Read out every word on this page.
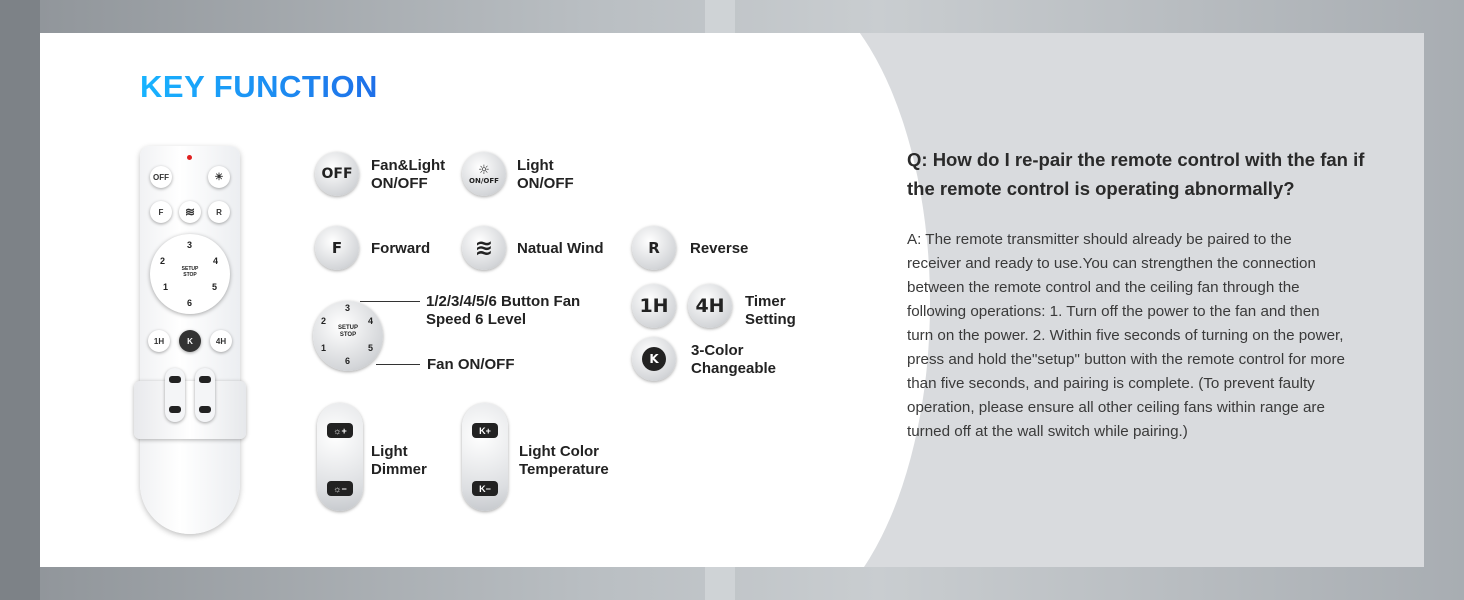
KEY FUNCTION
OFF	☀
F ≋	R
3
2	4
1	5
6
SETUP STOP
1H	K	4H
OFF Fan&Light ON/OFF
☼
ON/OFF
Light ON/OFF
F Forward ≋ Natual Wind	R Reverse
3
2	4
1	5
6
SETUP STOP
1/2/3/4/5/6 Button Fan Speed 6 Level
Fan ON/OFF
1H 4H Timer Setting
K	3-Color Changeable
☼+
☼−
Light Dimmer
K+
K−
Light Color Temperature

Q: How do I re-pair the remote control with the fan if the remote control is operating abnormally?

A: The remote transmitter should already be paired to the receiver and ready to use.You can strengthen the connection between the remote control and the ceiling fan through the following operations: 1. Turn off the power to the fan and then turn on the power. 2. Within five seconds of turning on the power, press and hold the"setup" button with the remote control for more than five seconds, and pairing is complete. (To prevent faulty operation, please ensure all other ceiling fans within range are turned off at the wall switch while pairing.)
